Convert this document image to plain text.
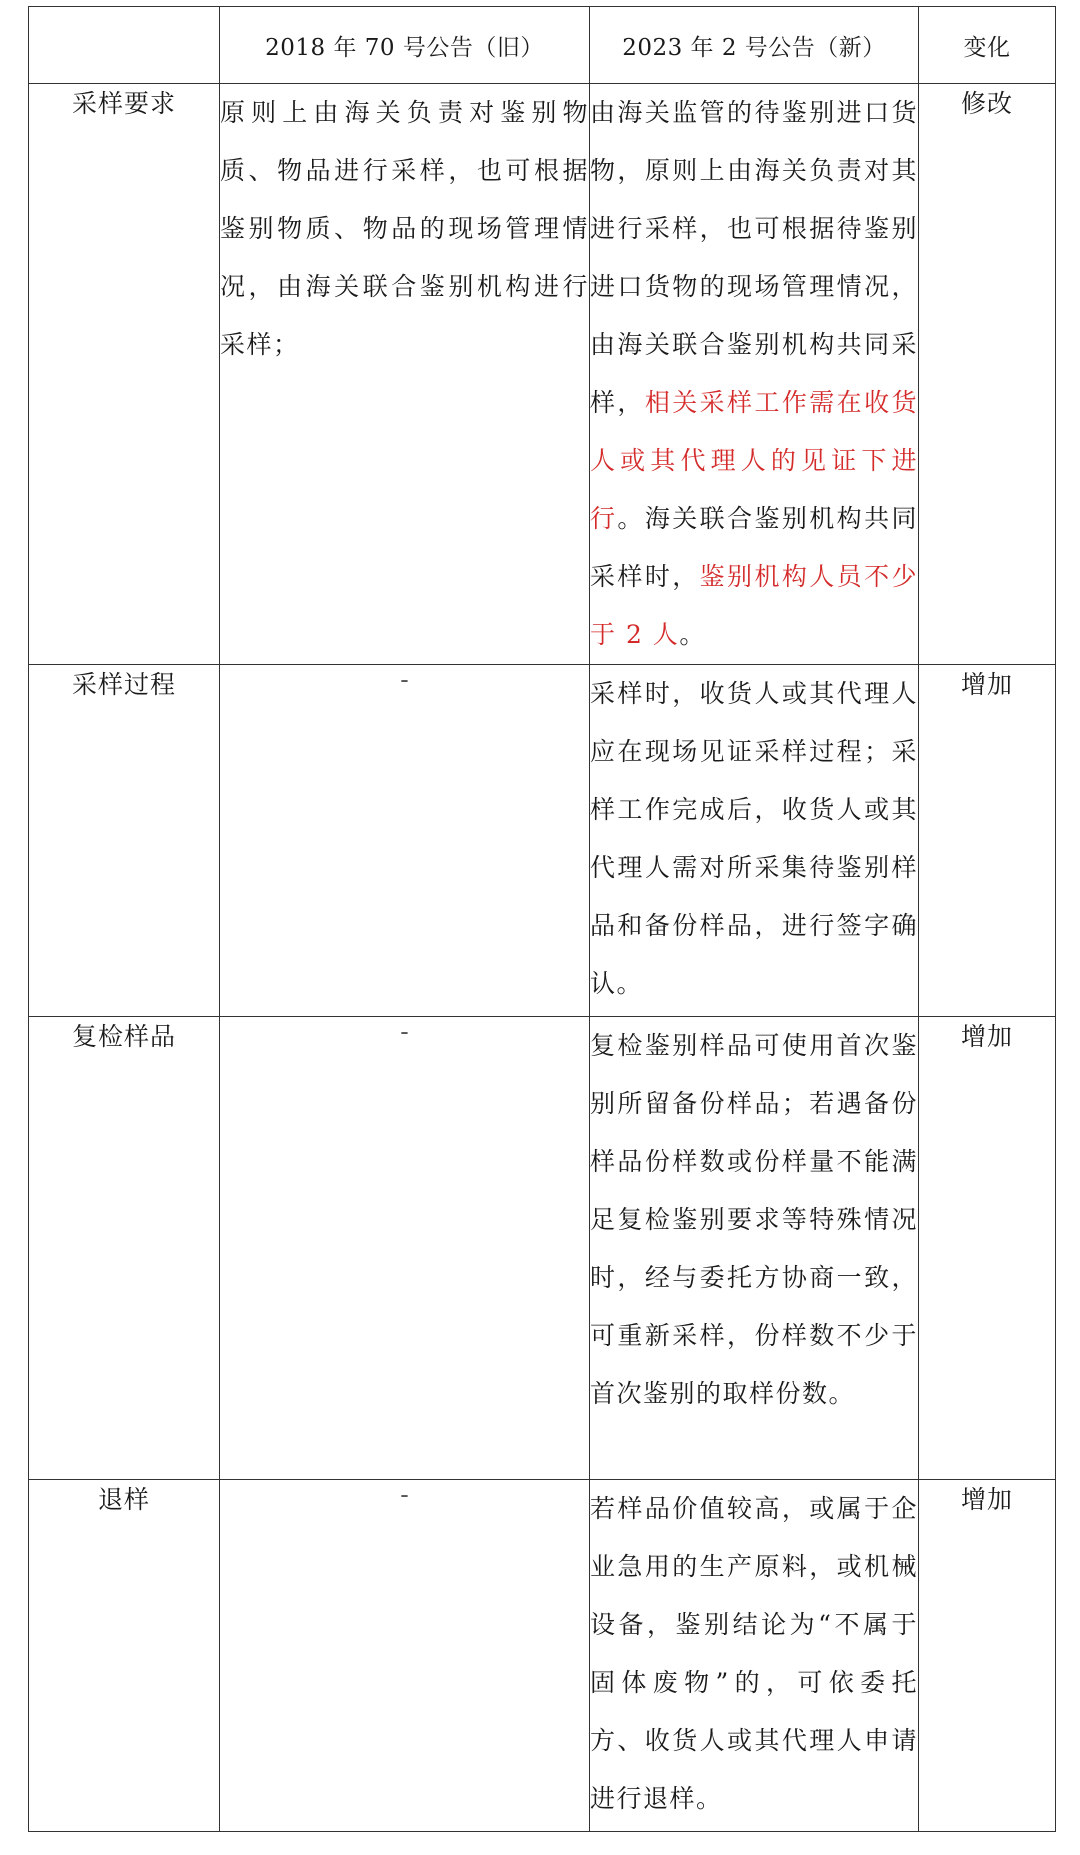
	2018 年 70 号公告（旧）	2023 年 2 号公告（新）	变化
采样要求	原则上由海关负责对鉴别物质、物品进行采样，也可根据鉴别物质、物品的现场管理情况，由海关联合鉴别机构进行采样；	由海关监管的待鉴别进口货物，原则上由海关负责对其进行采样，也可根据待鉴别进口货物的现场管理情况，由海关联合鉴别机构共同采样，相关采样工作需在收货人或其代理人的见证下进行。海关联合鉴别机构共同采样时，鉴别机构人员不少于 2 人。	修改
采样过程	-	采样时，收货人或其代理人应在现场见证采样过程；采样工作完成后，收货人或其代理人需对所采集待鉴别样品和备份样品，进行签字确认。	增加
复检样品	-	复检鉴别样品可使用首次鉴别所留备份样品；若遇备份样品份样数或份样量不能满足复检鉴别要求等特殊情况时，经与委托方协商一致，可重新采样，份样数不少于首次鉴别的取样份数。	增加
退样	-	若样品价值较高，或属于企业急用的生产原料，或机械设备，鉴别结论为“不属于固体废物”的，可依委托方、收货人或其代理人申请进行退样。	增加
